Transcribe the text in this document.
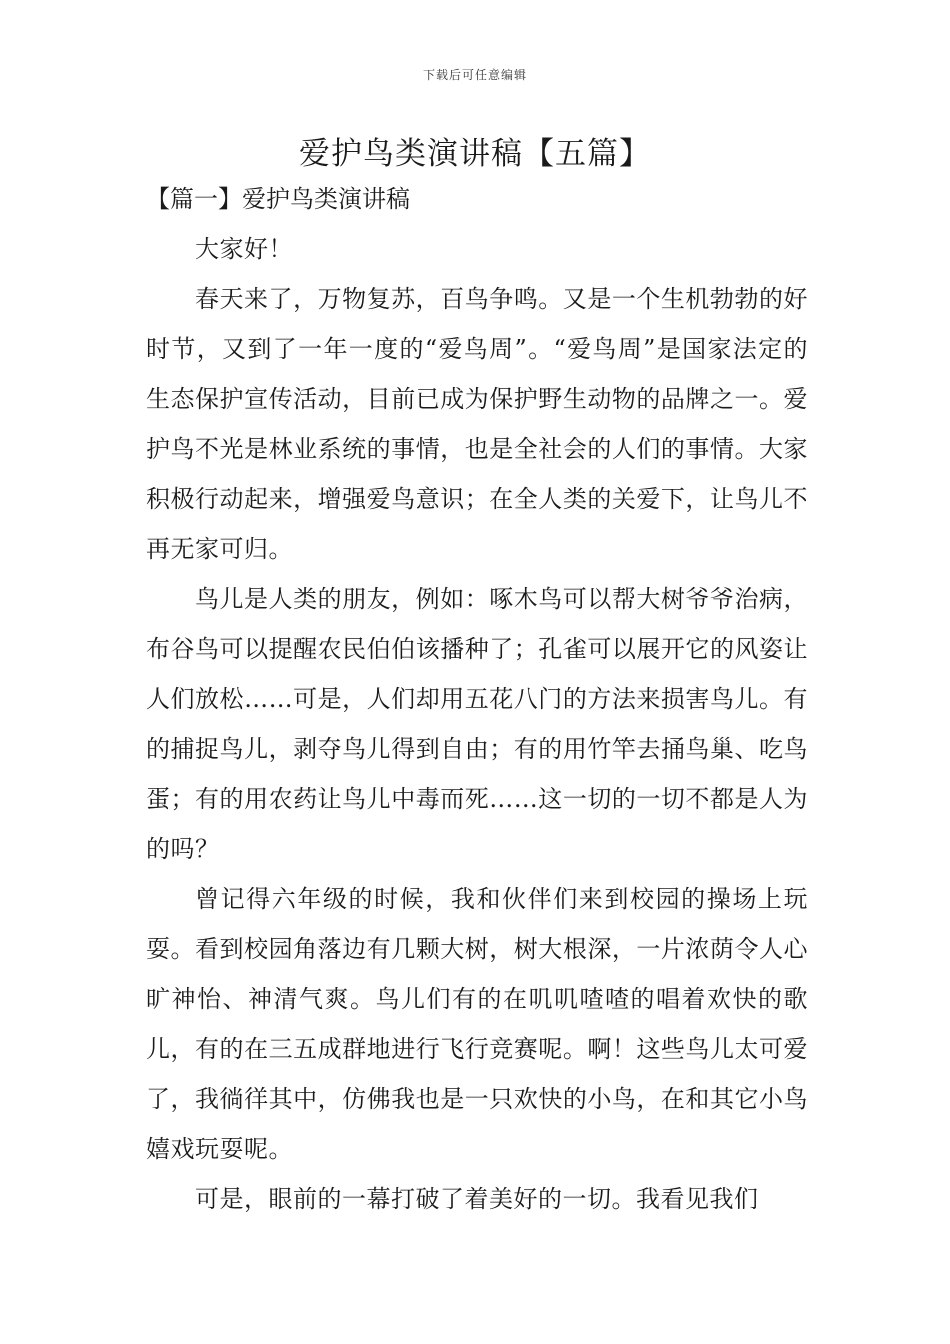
下载后可任意编辑
爱护鸟类演讲稿【五篇】
【篇一】爱护鸟类演讲稿

大家好！

春天来了，万物复苏，百鸟争鸣。又是一个生机勃勃的好时节，又到了一年一度的“爱鸟周”。“爱鸟周”是国家法定的生态保护宣传活动，目前已成为保护野生动物的品牌之一。爱护鸟不光是林业系统的事情，也是全社会的人们的事情。大家积极行动起来，增强爱鸟意识；在全人类的关爱下，让鸟儿不再无家可归。

鸟儿是人类的朋友，例如：啄木鸟可以帮大树爷爷治病，布谷鸟可以提醒农民伯伯该播种了；孔雀可以展开它的风姿让人们放松……可是，人们却用五花八门的方法来损害鸟儿。有的捕捉鸟儿，剥夺鸟儿得到自由；有的用竹竿去捅鸟巢、吃鸟蛋；有的用农药让鸟儿中毒而死……这一切的一切不都是人为的吗？

曾记得六年级的时候，我和伙伴们来到校园的操场上玩耍。看到校园角落边有几颗大树，树大根深，一片浓荫令人心旷神怡、神清气爽。鸟儿们有的在叽叽喳喳的唱着欢快的歌儿，有的在三五成群地进行飞行竞赛呢。啊！这些鸟儿太可爱了，我徜徉其中，仿佛我也是一只欢快的小鸟，在和其它小鸟嬉戏玩耍呢。

可是，眼前的一幕打破了着美好的一切。我看见我们
